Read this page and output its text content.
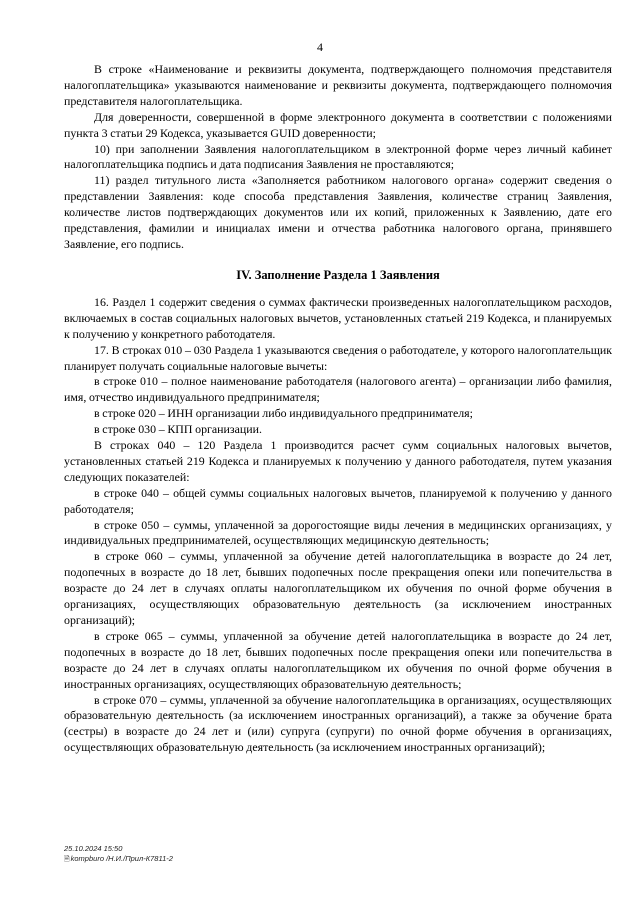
4

В строке «Наименование и реквизиты документа, подтверждающего полномочия представителя налогоплательщика» указываются наименование и реквизиты документа, подтверждающего полномочия представителя налогоплательщика.

Для доверенности, совершенной в форме электронного документа в соответствии с положениями пункта 3 статьи 29 Кодекса, указывается GUID доверенности;

10) при заполнении Заявления налогоплательщиком в электронной форме через личный кабинет налогоплательщика подпись и дата подписания Заявления не проставляются;

11) раздел титульного листа «Заполняется работником налогового органа» содержит сведения о представлении Заявления: коде способа представления Заявления, количестве страниц Заявления, количестве листов подтверждающих документов или их копий, приложенных к Заявлению, дате его представления, фамилии и инициалах имени и отчества работника налогового органа, принявшего Заявление, его подпись.

IV. Заполнение Раздела 1 Заявления

16. Раздел 1 содержит сведения о суммах фактически произведенных налогоплательщиком расходов, включаемых в состав социальных налоговых вычетов, установленных статьей 219 Кодекса, и планируемых к получению у конкретного работодателя.

17. В строках 010 – 030 Раздела 1 указываются сведения о работодателе, у которого налогоплательщик планирует получать социальные налоговые вычеты:

в строке 010 – полное наименование работодателя (налогового агента) – организации либо фамилия, имя, отчество индивидуального предпринимателя;

в строке 020 – ИНН организации либо индивидуального предпринимателя;

в строке 030 – КПП организации.

В строках 040 – 120 Раздела 1 производится расчет сумм социальных налоговых вычетов, установленных статьей 219 Кодекса и планируемых к получению у данного работодателя, путем указания следующих показателей:

в строке 040 – общей суммы социальных налоговых вычетов, планируемой к получению у данного работодателя;

в строке 050 – суммы, уплаченной за дорогостоящие виды лечения в медицинских организациях, у индивидуальных предпринимателей, осуществляющих медицинскую деятельность;

в строке 060 – суммы, уплаченной за обучение детей налогоплательщика в возрасте до 24 лет, подопечных в возрасте до 18 лет, бывших подопечных после прекращения опеки или попечительства в возрасте до 24 лет в случаях оплаты налогоплательщиком их обучения по очной форме обучения в организациях, осуществляющих образовательную деятельность (за исключением иностранных организаций);

в строке 065 – суммы, уплаченной за обучение детей налогоплательщика в возрасте до 24 лет, подопечных в возрасте до 18 лет, бывших подопечных после прекращения опеки или попечительства в возрасте до 24 лет в случаях оплаты налогоплательщиком их обучения по очной форме обучения в иностранных организациях, осуществляющих образовательную деятельность;

в строке 070 – суммы, уплаченной за обучение налогоплательщика в организациях, осуществляющих образовательную деятельность (за исключением иностранных организаций), а также за обучение брата (сестры) в возрасте до 24 лет и (или) супруга (супруги) по очной форме обучения в организациях, осуществляющих образовательную деятельность (за исключением иностранных организаций);

25.10.2024 15:50
🗎kompburo /Н.И./Прил-К7811-2
